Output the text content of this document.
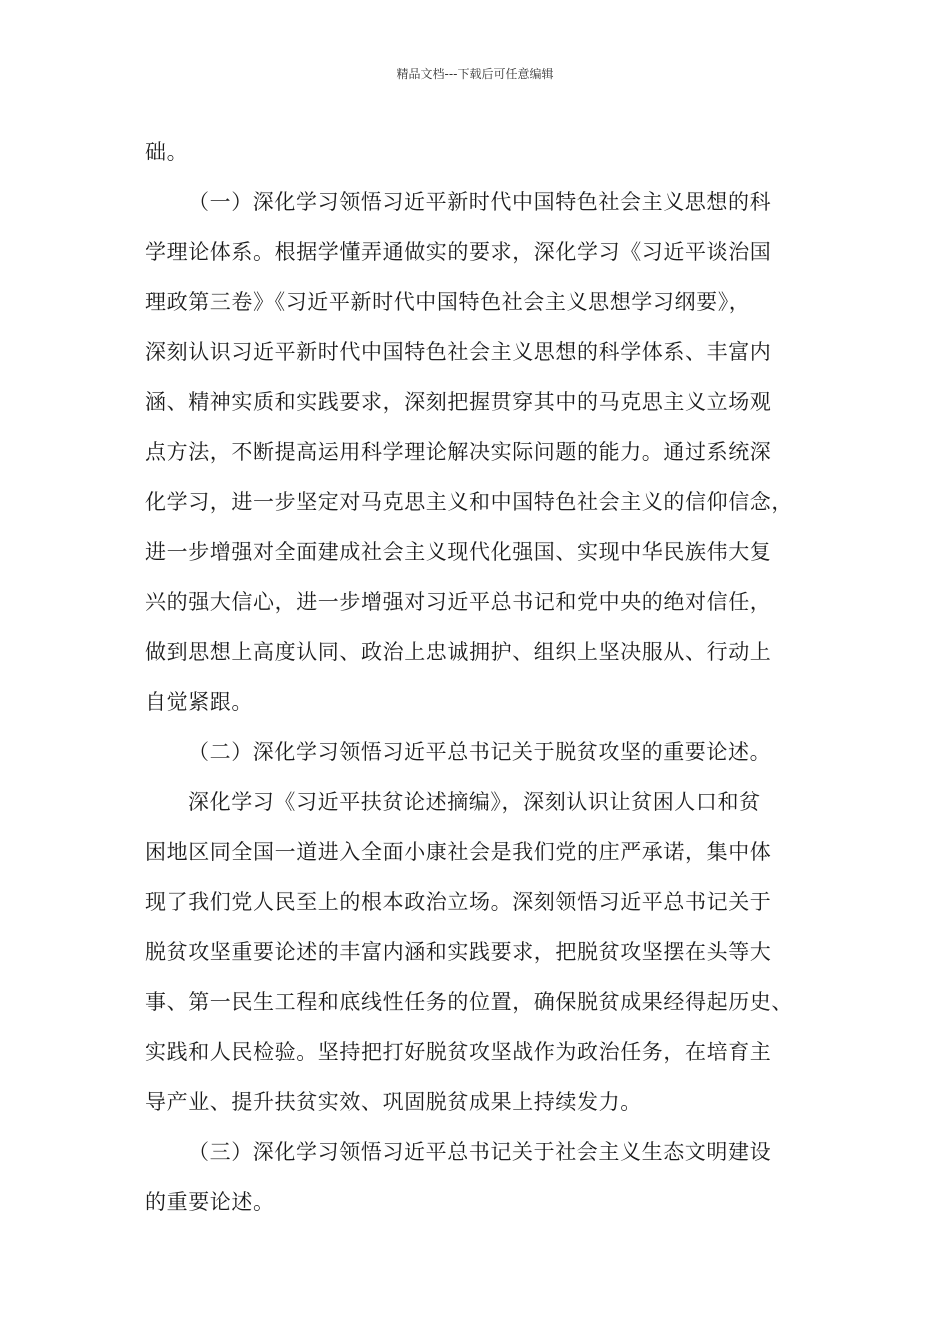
精品文档---下载后可任意编辑
础。
（一）深化学习领悟习近平新时代中国特色社会主义思想的科
学理论体系。根据学懂弄通做实的要求，深化学习《习近平谈治国
理政第三卷》《习近平新时代中国特色社会主义思想学习纲要》，
深刻认识习近平新时代中国特色社会主义思想的科学体系、丰富内
涵、精神实质和实践要求，深刻把握贯穿其中的马克思主义立场观
点方法，不断提高运用科学理论解决实际问题的能力。通过系统深
化学习，进一步坚定对马克思主义和中国特色社会主义的信仰信念，
进一步增强对全面建成社会主义现代化强国、实现中华民族伟大复
兴的强大信心，进一步增强对习近平总书记和党中央的绝对信任，
做到思想上高度认同、政治上忠诚拥护、组织上坚决服从、行动上
自觉紧跟。
（二）深化学习领悟习近平总书记关于脱贫攻坚的重要论述。
深化学习《习近平扶贫论述摘编》，深刻认识让贫困人口和贫
困地区同全国一道进入全面小康社会是我们党的庄严承诺，集中体
现了我们党人民至上的根本政治立场。深刻领悟习近平总书记关于
脱贫攻坚重要论述的丰富内涵和实践要求，把脱贫攻坚摆在头等大
事、第一民生工程和底线性任务的位置，确保脱贫成果经得起历史、
实践和人民检验。坚持把打好脱贫攻坚战作为政治任务，在培育主
导产业、提升扶贫实效、巩固脱贫成果上持续发力。
（三）深化学习领悟习近平总书记关于社会主义生态文明建设
的重要论述。
